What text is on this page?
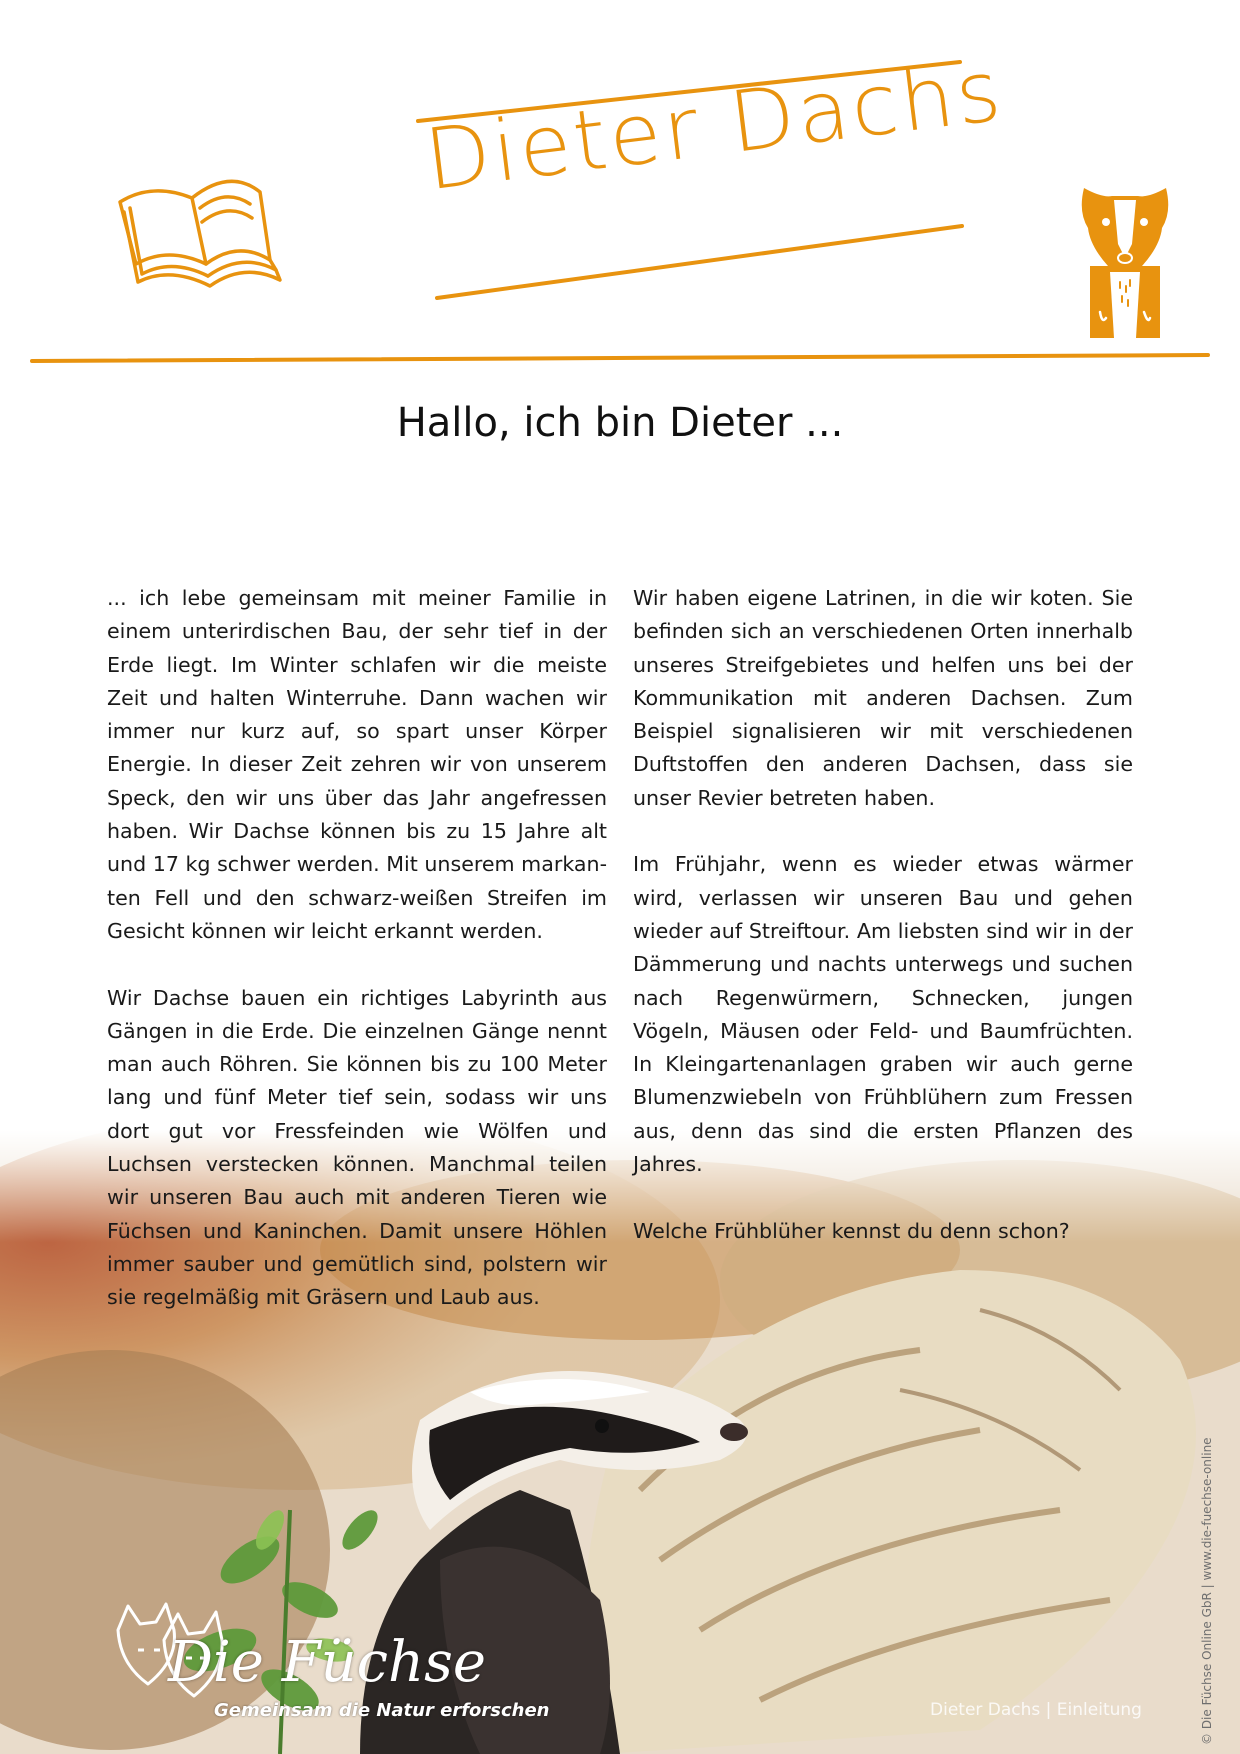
Dieter Dachs
Hallo, ich bin Dieter ...

... ich lebe gemeinsam mit meiner Familie in einem unterirdischen Bau, der sehr tief in der Erde liegt. Im Winter schlafen wir die meiste Zeit und halten Winterruhe. Dann wachen wir immer nur kurz auf, so spart unser Körper Energie. In dieser Zeit zehren wir von unserem Speck, den wir uns über das Jahr angefressen haben. Wir Dachse können bis zu 15 Jahre alt und 17 kg schwer werden. Mit unserem markanten Fell und den schwarz-weißen Streifen im Gesicht können wir leicht erkannt werden.

Wir Dachse bauen ein richtiges Labyrinth aus Gängen in die Erde. Die einzelnen Gänge nennt man auch Röhren. Sie können bis zu 100 Meter lang und fünf Meter tief sein, sodass wir uns dort gut vor Fressfeinden wie Wölfen und Luchsen verstecken können. Manchmal teilen wir unseren Bau auch mit anderen Tieren wie Füchsen und Kaninchen. Damit unsere Höhlen immer sauber und gemütlich sind, polstern wir sie regelmäßig mit Gräsern und Laub aus.

Wir haben eigene Latrinen, in die wir koten. Sie befinden sich an verschiedenen Orten innerhalb unseres Streifgebietes und helfen uns bei der Kommunikation mit anderen Dachsen. Zum Beispiel signalisieren wir mit verschiedenen Duftstoffen den anderen Dachsen, dass sie unser Revier betreten haben.

Im Frühjahr, wenn es wieder etwas wärmer wird, verlassen wir unseren Bau und gehen wieder auf Streiftour. Am liebsten sind wir in der Dämmerung und nachts unterwegs und suchen nach Regenwürmern, Schnecken, jungen Vögeln, Mäusen oder Feld- und Baumfrüchten. In Kleingartenanlagen graben wir auch gerne Blumenzwiebeln von Frühblühern zum Fressen aus, denn das sind die ersten Pflanzen des Jahres.

Welche Frühblüher kennst du denn schon?

Die Füchse
Gemeinsam die Natur erforschen	Dieter Dachs | Einleitung	© Die Füchse Online GbR | www.die-fuechse-online
